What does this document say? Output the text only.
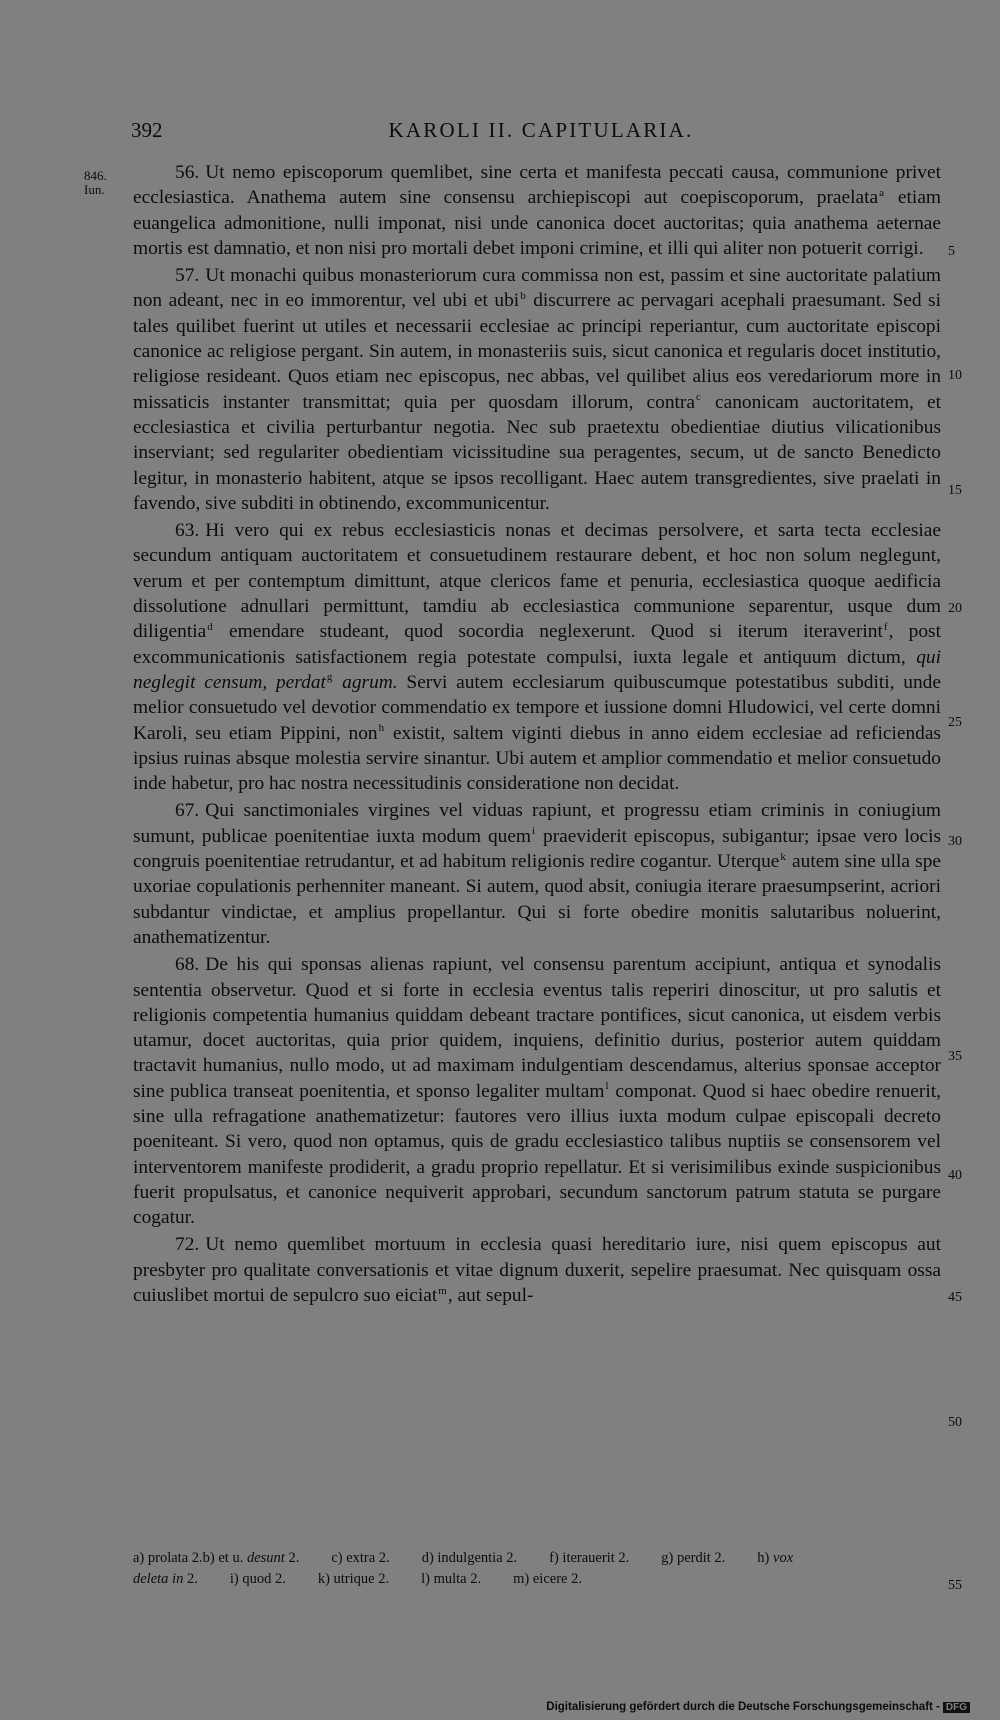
392	KAROLI II. CAPITULARIA.
846.
Iun.

56. Ut nemo episcoporum quemlibet, sine certa et manifesta peccati causa, communione privet ecclesiastica. Anathema autem sine consensu archiepiscopi aut coepiscoporum, praelata$^a$ etiam euangelica admonitione, nulli imponat, nisi unde canonica docet auctoritas; quia anathema aeternae mortis est damnatio, et non nisi pro mortali debet imponi crimine, et illi qui aliter non potuerit corrigi.

57. Ut monachi quibus monasteriorum cura commissa non est, passim et sine auctoritate palatium non adeant, nec in eo immorentur, vel ubi et ubi$^b$ discurrere ac pervagari acephali praesumant. Sed si tales quilibet fuerint ut utiles et necessarii ecclesiae ac principi reperiantur, cum auctoritate episcopi canonice ac religiose pergant. Sin autem, in monasteriis suis, sicut canonica et regularis docet institutio, religiose resideant. Quos etiam nec episcopus, nec abbas, vel quilibet alius eos veredariorum more in missaticis instanter transmittat; quia per quosdam illorum, contra$^c$ canonicam auctoritatem, et ecclesiastica et civilia perturbantur negotia. Nec sub praetextu obedientiae diutius vilicationibus inserviant; sed regulariter obedientiam vicissitudine sua peragentes, secum, ut de sancto Benedicto legitur, in monasterio habitent, atque se ipsos recolligant. Haec autem transgredientes, sive praelati in favendo, sive subditi in obtinendo, excommunicentur.

63. Hi vero qui ex rebus ecclesiasticis nonas et decimas persolvere, et sarta tecta ecclesiae secundum antiquam auctoritatem et consuetudinem restaurare debent, et hoc non solum neglegunt, verum et per contemptum dimittunt, atque clericos fame et penuria, ecclesiastica quoque aedificia dissolutione adnullari permittunt, tamdiu ab ecclesiastica communione separentur, usque dum diligentia$^d$ emendare studeant, quod socordia neglexerunt. Quod si iterum iteraverint$^f$, post excommunicationis satisfactionem regia potestate compulsi, iuxta legale et antiquum dictum, qui neglegit censum, perdat$^g$ agrum. Servi autem ecclesiarum quibuscumque potestatibus subditi, unde melior consuetudo vel devotior commendatio ex tempore et iussione domni Hludowici, vel certe domni Karoli, seu etiam Pippini, non$^h$ existit, saltem viginti diebus in anno eidem ecclesiae ad reficiendas ipsius ruinas absque molestia servire sinantur. Ubi autem et amplior commendatio et melior consuetudo inde habetur, pro hac nostra necessitudinis consideratione non decidat.

67. Qui sanctimoniales virgines vel viduas rapiunt, et progressu etiam criminis in coniugium sumunt, publicae poenitentiae iuxta modum quem$^i$ praeviderit episcopus, subigantur; ipsae vero locis congruis poenitentiae retrudantur, et ad habitum religionis redire cogantur. Uterque$^k$ autem sine ulla spe uxoriae copulationis perhenniter maneant. Si autem, quod absit, coniugia iterare praesumpserint, acriori subdantur vindictae, et amplius propellantur. Qui si forte obedire monitis salutaribus noluerint, anathematizentur.

68. De his qui sponsas alienas rapiunt, vel consensu parentum accipiunt, antiqua et synodalis sententia observetur. Quod et si forte in ecclesia eventus talis reperiri dinoscitur, ut pro salutis et religionis competentia humanius quiddam debeant tractare pontifices, sicut canonica, ut eisdem verbis utamur, docet auctoritas, quia prior quidem, inquiens, definitio durius, posterior autem quiddam tractavit humanius, nullo modo, ut ad maximam indulgentiam descendamus, alterius sponsae acceptor sine publica transeat poenitentia, et sponso legaliter multam$^l$ componat. Quod si haec obedire renuerit, sine ulla refragatione anathematizetur: fautores vero illius iuxta modum culpae episcopali decreto poeniteant. Si vero, quod non optamus, quis de gradu ecclesiastico talibus nuptiis se consensorem vel interventorem manifeste prodiderit, a gradu proprio repellatur. Et si verisimilibus exinde suspicionibus fuerit propulsatus, et canonice nequiverit approbari, secundum sanctorum patrum statuta se purgare cogatur.

72. Ut nemo quemlibet mortuum in ecclesia quasi hereditario iure, nisi quem episcopus aut presbyter pro qualitate conversationis et vitae dignum duxerit, sepelire praesumat. Nec quisquam ossa cuiuslibet mortui de sepulcro suo eiciat$^m$, aut sepul-

5
10
15
20
25
30
35
40
45
50
55
a) prolata 2.b) et u. desunt 2. c) extra 2. d) indulgentia 2. f) iterauerit 2. g) perdit 2. h) vox
deleta in 2. i) quod 2. k) utrique 2. l) multa 2. m) eicere 2.
Digitalisierung gefördert durch die Deutsche Forschungsgemeinschaft - DFG
